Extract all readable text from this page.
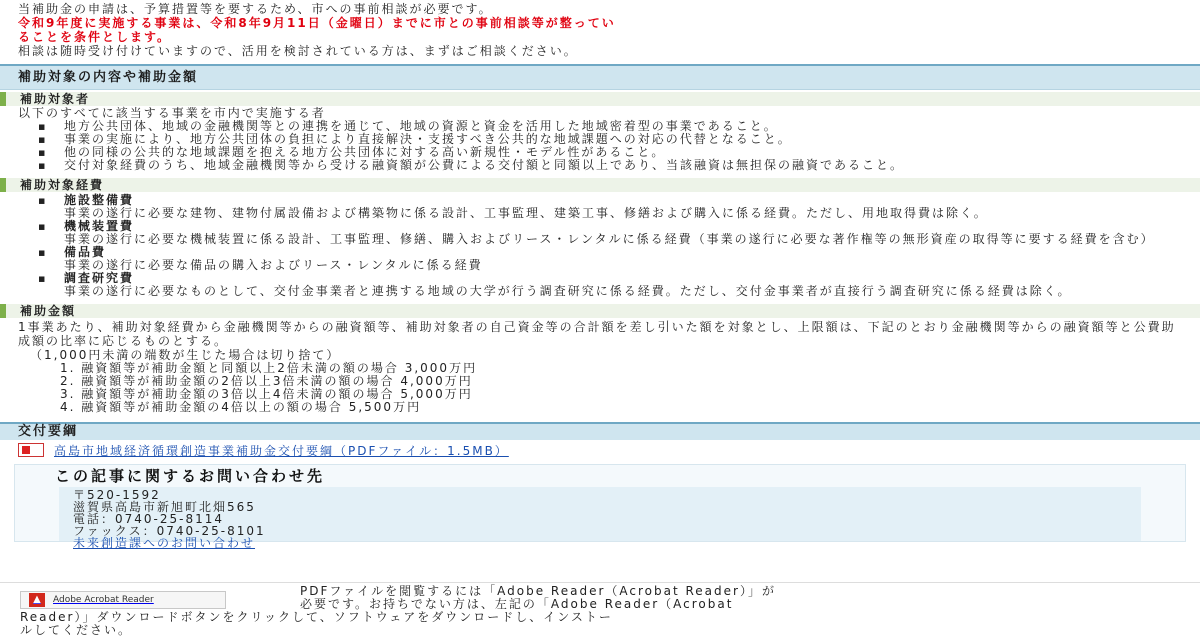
当補助金の申請は、予算措置等を要するため、市への事前相談が必要です。

令和9年度に実施する事業は、令和8年9月11日（金曜日）までに市との事前相談等が整ってい

ることを条件とします。

相談は随時受け付けていますので、活用を検討されている方は、まずはご相談ください。

補助対象の内容や補助金額
補助対象者
以下のすべてに該当する事業を市内で実施する者
▪ 地方公共団体、地域の金融機関等との連携を通じて、地域の資源と資金を活用した地域密着型の事業であること。
▪ 事業の実施により、地方公共団体の負担により直接解決・支援すべき公共的な地域課題への対応の代替となること。
▪ 他の同様の公共的な地域課題を抱える地方公共団体に対する高い新規性・モデル性があること。
▪ 交付対象経費のうち、地域金融機関等から受ける融資額が公費による交付額と同額以上であり、当該融資は無担保の融資であること。
補助対象経費
▪ 施設整備費
事業の遂行に必要な建物、建物付属設備および構築物に係る設計、工事監理、建築工事、修繕および購入に係る経費。ただし、用地取得費は除く。
▪ 機械装置費
事業の遂行に必要な機械装置に係る設計、工事監理、修繕、購入およびリース・レンタルに係る経費（事業の遂行に必要な著作権等の無形資産の取得等に要する経費を含む）
▪ 備品費
事業の遂行に必要な備品の購入およびリース・レンタルに係る経費
▪ 調査研究費
事業の遂行に必要なものとして、交付金事業者と連携する地域の大学が行う調査研究に係る経費。ただし、交付金事業者が直接行う調査研究に係る経費は除く。
補助金額
1事業あたり、補助対象経費から金融機関等からの融資額等、補助対象者の自己資金等の合計額を差し引いた額を対象とし、上限額は、下記のとおり金融機関等からの融資額等と公費助成額の比率に応じるものとする。
（1,000円未満の端数が生じた場合は切り捨て）
1. 融資額等が補助金額と同額以上2倍未満の額の場合 3,000万円
2. 融資額等が補助金額の2倍以上3倍未満の額の場合 4,000万円
3. 融資額等が補助金額の3倍以上4倍未満の額の場合 5,000万円
4. 融資額等が補助金額の4倍以上の額の場合 5,500万円
交付要綱
高島市地域経済循環創造事業補助金交付要綱（PDFファイル：1.5MB）
この記事に関するお問い合わせ先
〒520-1592
滋賀県高島市新旭町北畑565
電話：0740-25-8114
ファックス：0740-25-8101
未来創造課へのお問い合わせ
▲	Adobe Acrobat Reader
PDFファイルを閲覧するには「Adobe Reader（Acrobat Reader）」が
必要です。お持ちでない方は、左記の「Adobe Reader（Acrobat
Reader）」ダウンロードボタンをクリックして、ソフトウェアをダウンロードし、インストー
ルしてください。
